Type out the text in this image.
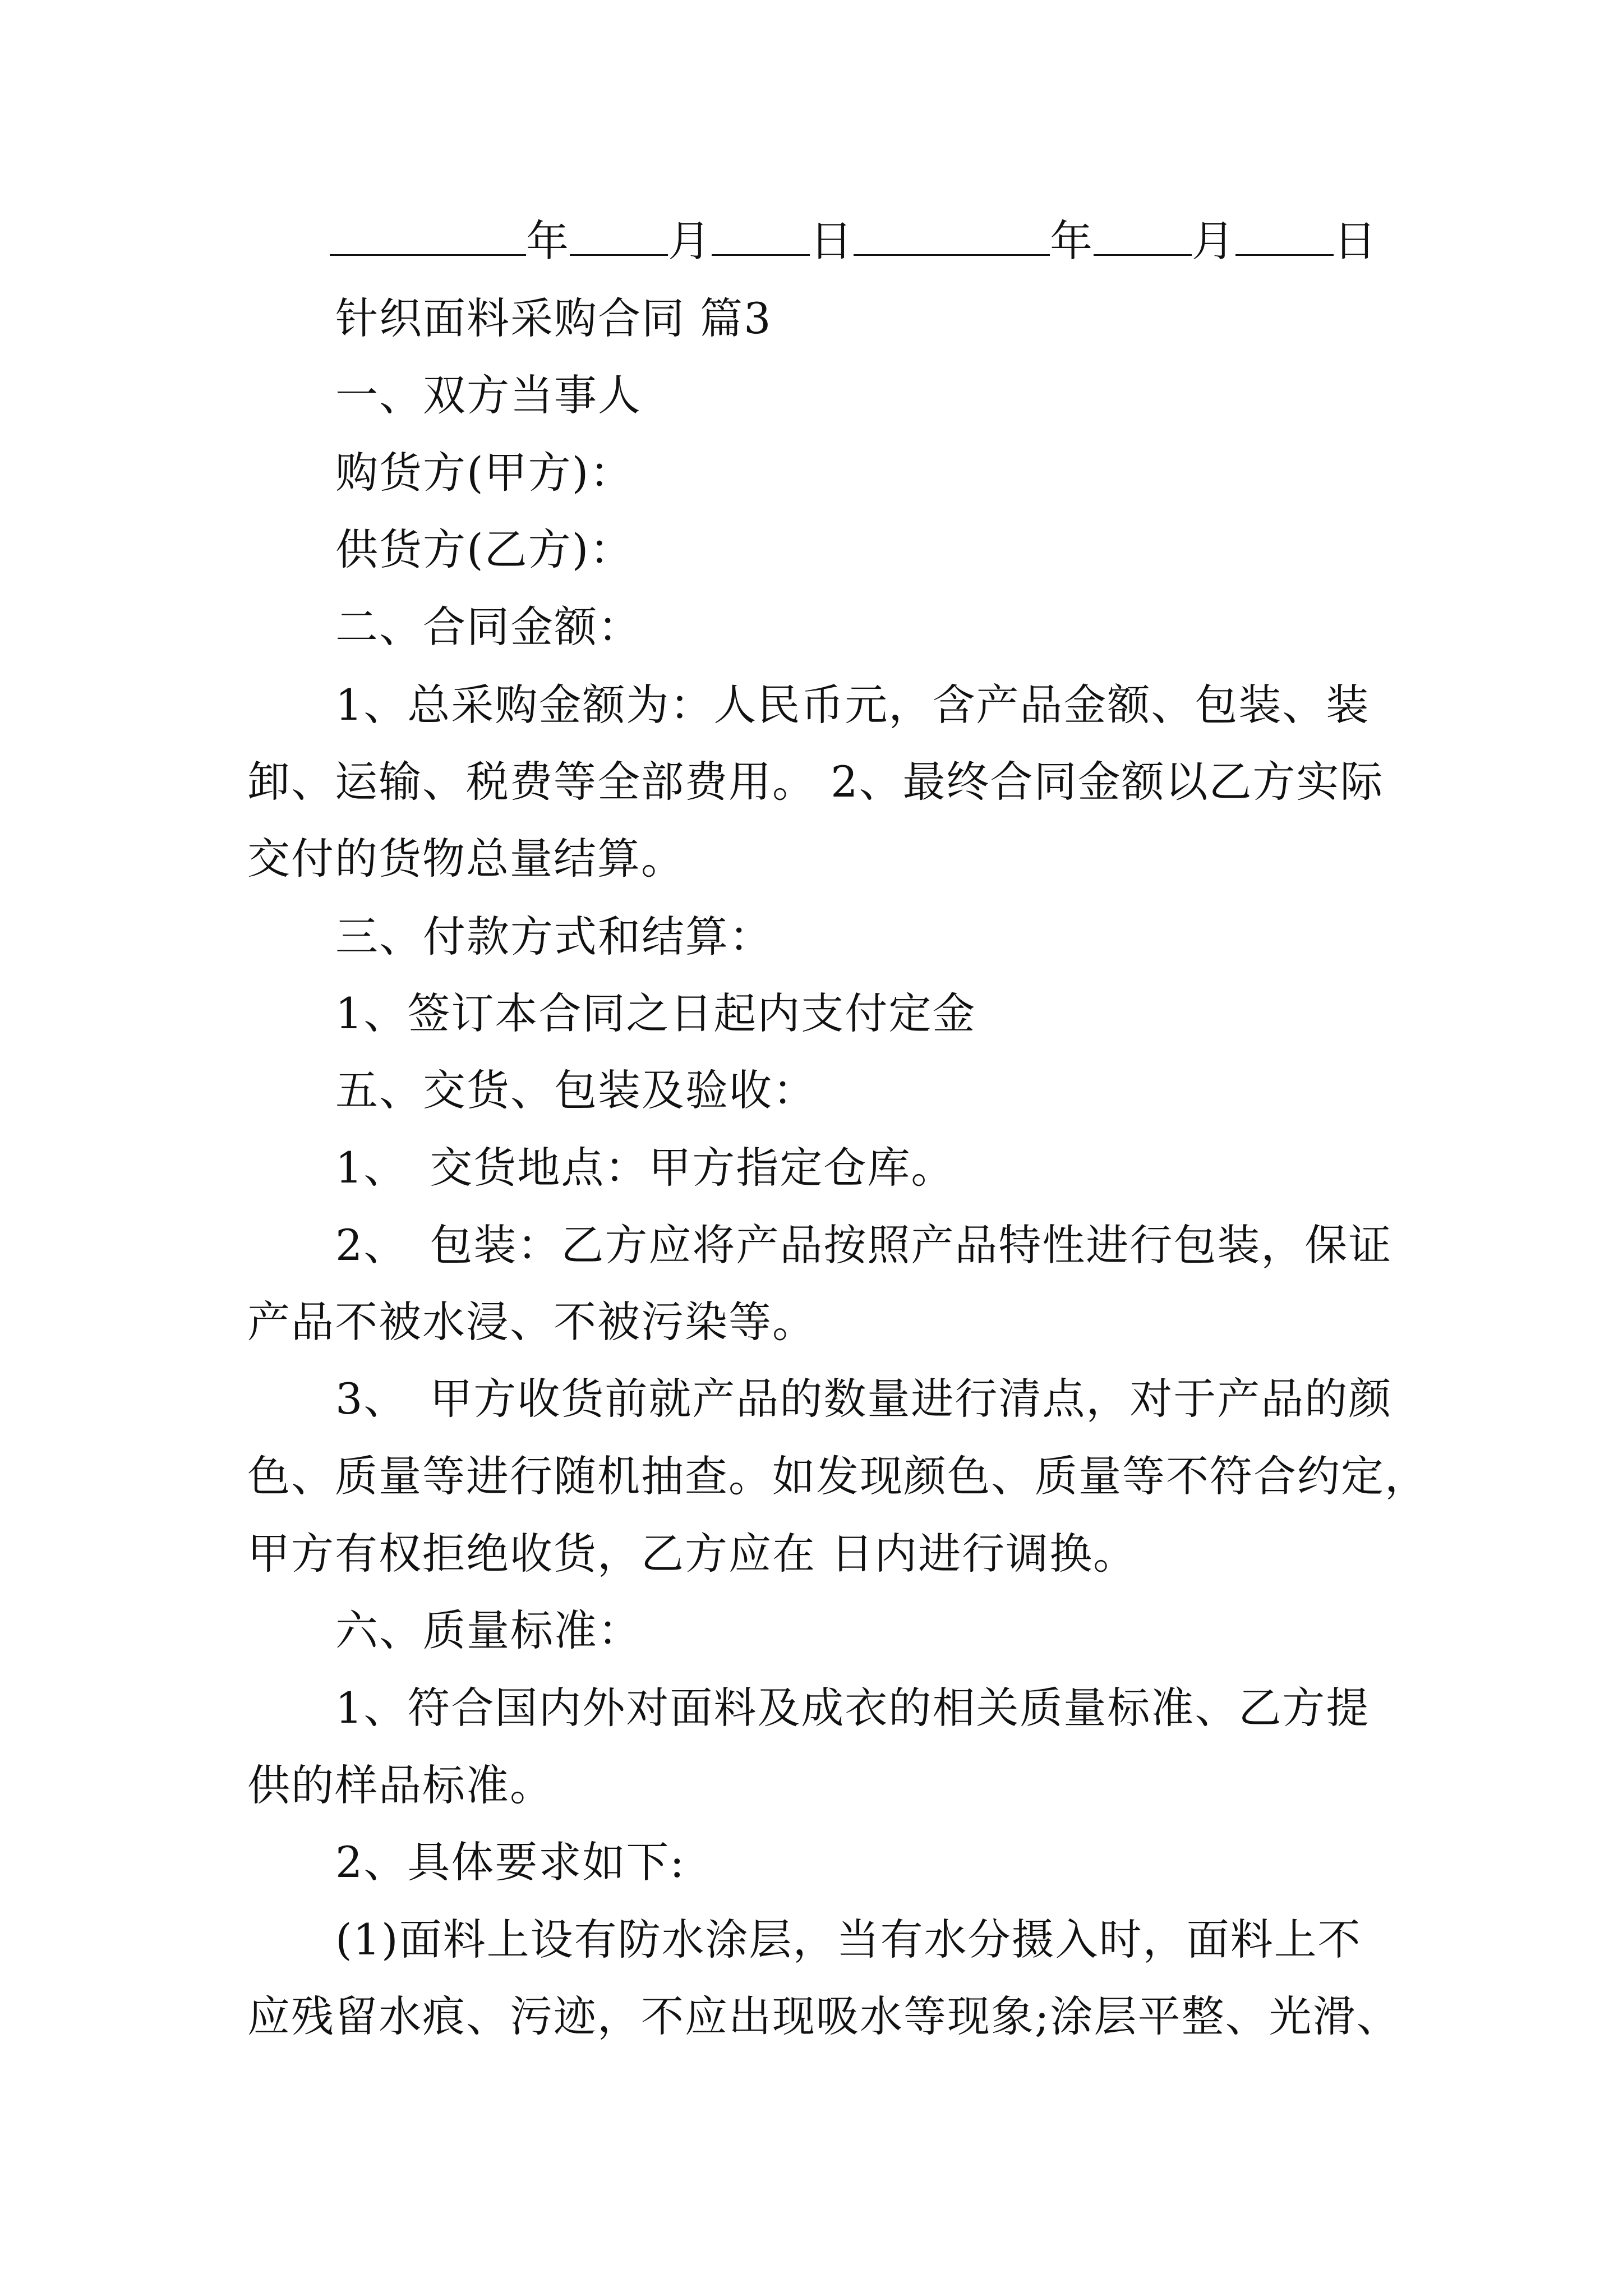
年 月 日	年 月 日
针织面料采购合同 篇3
一、双方当事人
购货方(甲方)：
供货方(乙方)：
二、合同金额：
1、总采购金额为：人民币元，含产品金额、包装、装
卸、运输、税费等全部费用。 2、最终合同金额以乙方实际
交付的货物总量结算。
三、付款方式和结算：
1、签订本合同之日起内支付定金
五、交货、包装及验收：
1、　交货地点：甲方指定仓库。
2、　包装：乙方应将产品按照产品特性进行包装，保证
产品不被水浸、不被污染等。
3、　甲方收货前就产品的数量进行清点，对于产品的颜
色、质量等进行随机抽查。如发现颜色、质量等不符合约定，
甲方有权拒绝收货，乙方应在 日内进行调换。
六、质量标准：
1、符合国内外对面料及成衣的相关质量标准、乙方提
供的样品标准。
2、具体要求如下:
(1)面料上设有防水涂层，当有水分摄入时，面料上不
应残留水痕、污迹，不应出现吸水等现象;涂层平整、光滑、
